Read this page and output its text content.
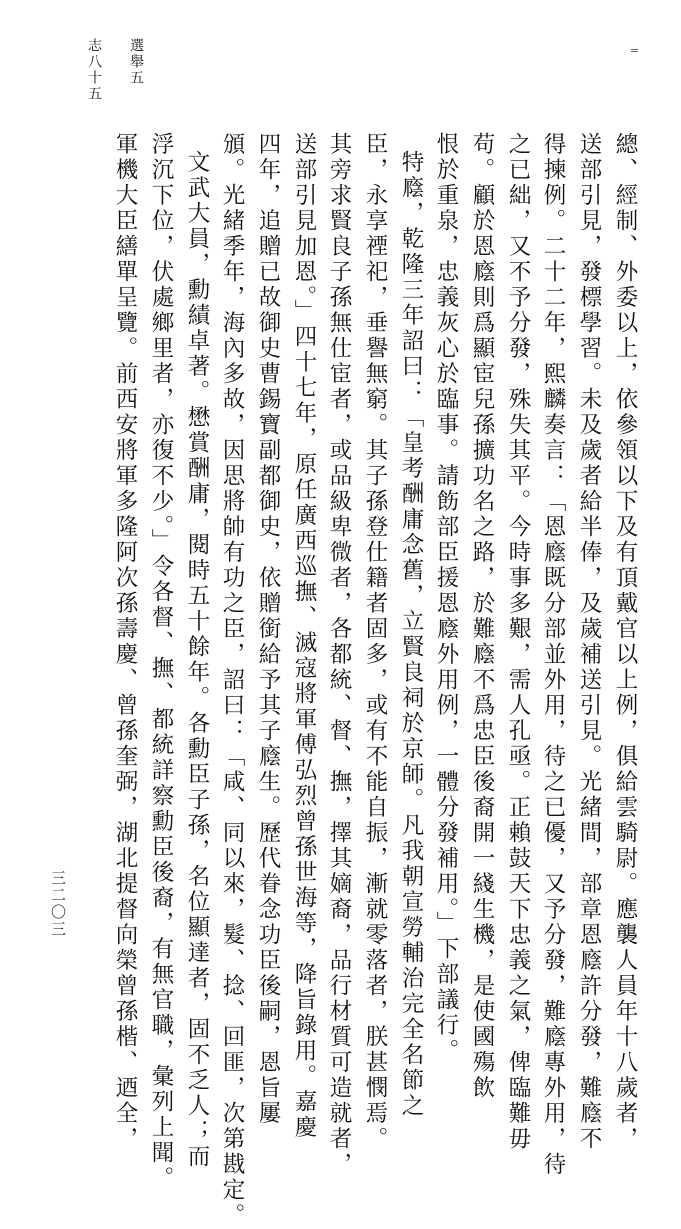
=
總、經制、外委以上，依參領以下及有頂戴官以上例，俱給雲騎尉。應襲人員年十八歲者，
送部引見，發標學習。未及歲者給半俸，及歲補送引見。光緒間，部章恩廕許分發，難廕不
得揀例。二十二年，熙麟奏言：「恩廕既分部並外用，待之已優，又予分發，難廕專外用，待
之已絀，又不予分發，殊失其平。今時事多艱，需人孔亟。正賴鼓天下忠義之氣，俾臨難毋
苟。顧於恩廕則爲顯宦兒孫擴功名之路，於難廕不爲忠臣後裔開一綫生機，是使國殤飲
恨於重泉，忠義灰心於臨事。請飭部臣援恩廕外用例，一體分發補用。」下部議行。
特廕，乾隆三年詔曰：「皇考酬庸念舊，立賢良祠於京師。凡我朝宣勞輔治完全名節之
臣，永享禋祀，垂譽無窮。其子孫登仕籍者固多，或有不能自振，漸就零落者，朕甚憫焉。
其旁求賢良子孫無仕宦者，或品級卑微者，各都統、督、撫，擇其嫡裔，品行材質可造就者，
送部引見加恩。」四十七年，原任廣西巡撫、滅寇將軍傅弘烈曾孫世海等，降旨錄用。嘉慶
四年，追贈已故御史曹錫寶副都御史，依贈銜給予其子廕生。歷代眷念功臣後嗣，恩旨屢
頒。光緒季年，海內多故，因思將帥有功之臣，詔曰：「咸、同以來，髮、捻、回匪，次第戡定。
文武大員，勳績卓著。懋賞酬庸，閱時五十餘年。各勳臣子孫，名位顯達者，固不乏人；而
浮沉下位，伏處鄉里者，亦復不少。」令各督、撫、都統詳察勳臣後裔，有無官職，彙列上聞。
軍機大臣繕單呈覽。前西安將軍多隆阿次孫壽慶、曾孫奎弼，湖北提督向榮曾孫楷、迺全，
選舉五
志八十五
三二〇三
